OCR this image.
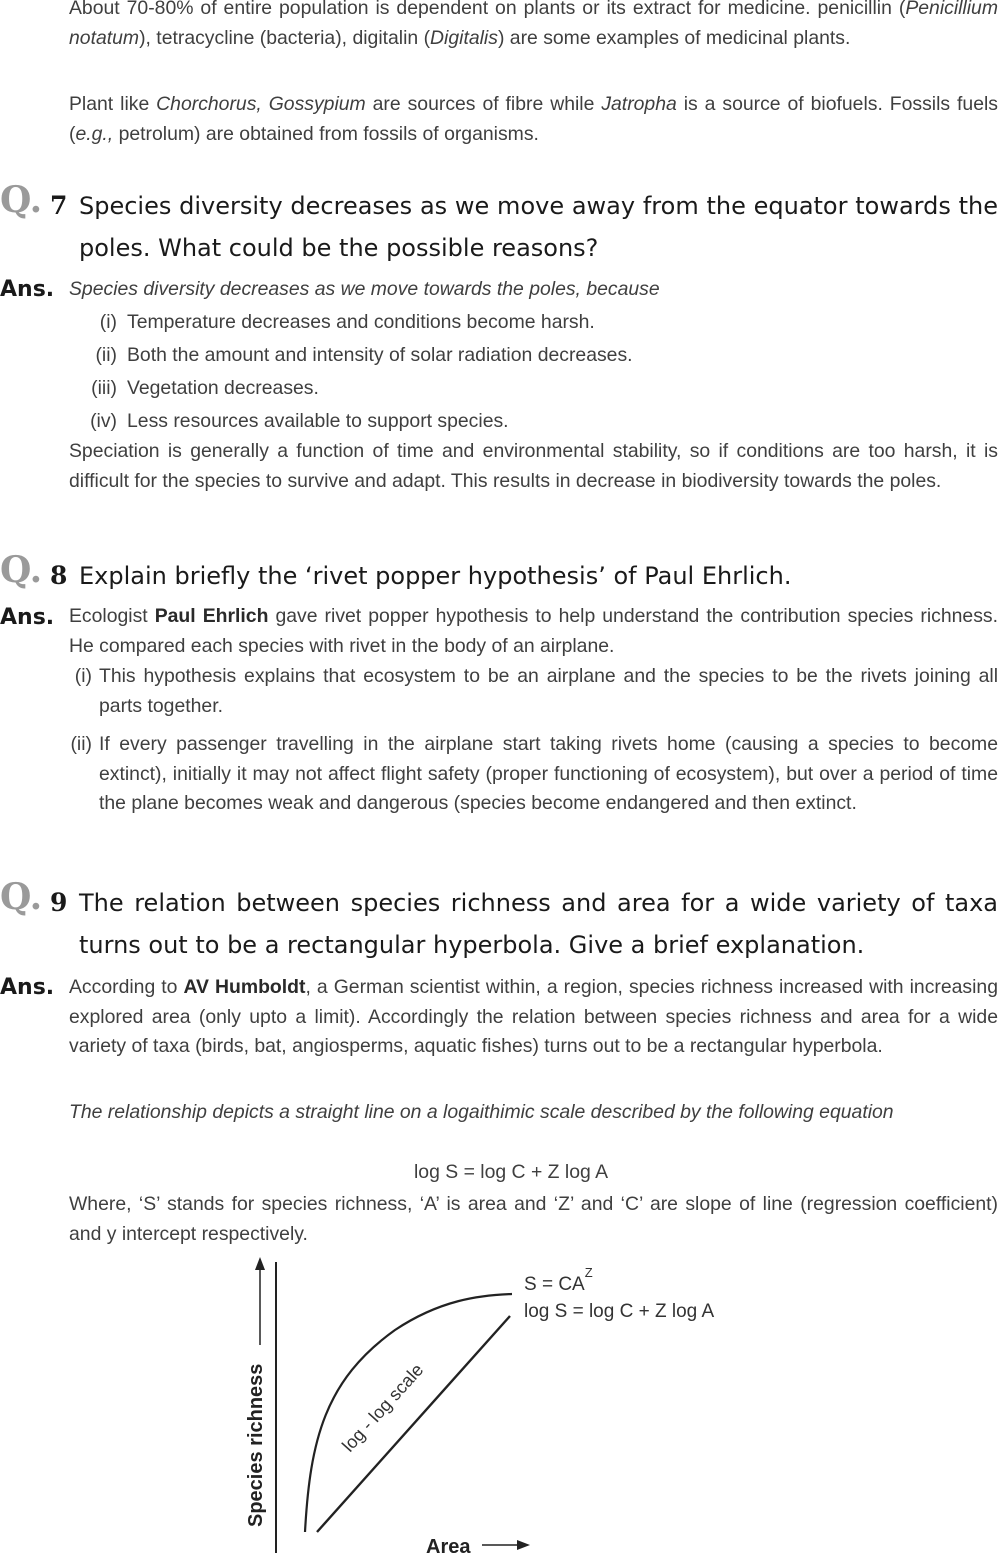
About 70-80% of entire population is dependent on plants or its extract for medicine. penicillin (Penicillium notatum), tetracycline (bacteria), digitalin (Digitalis) are some examples of medicinal plants.

Plant like Chorchorus, Gossypium are sources of fibre while Jatropha is a source of biofuels. Fossils fuels (e.g., petrolum) are obtained from fossils of organisms.

Q. 7 Species diversity decreases as we move away from the equator towards the poles. What could be the possible reasons?
Ans. Species diversity decreases as we move towards the poles, because

(i) Temperature decreases and conditions become harsh.
(ii) Both the amount and intensity of solar radiation decreases.
(iii) Vegetation decreases.
(iv) Less resources available to support species.

Speciation is generally a function of time and environmental stability, so if conditions are too harsh, it is difficult for the species to survive and adapt. This results in decrease in biodiversity towards the poles.

Q. 8 Explain briefly the ‘rivet popper hypothesis’ of Paul Ehrlich.
Ans. Ecologist Paul Ehrlich gave rivet popper hypothesis to help understand the contribution species richness. He compared each species with rivet in the body of an airplane.

(i) This hypothesis explains that ecosystem to be an airplane and the species to be the rivets joining all parts together.
(ii) If every passenger travelling in the airplane start taking rivets home (causing a species to become extinct), initially it may not affect flight safety (proper functioning of ecosystem), but over a period of time the plane becomes weak and dangerous (species become endangered and then extinct.
Q. 9 The relation between species richness and area for a wide variety of taxa turns out to be a rectangular hyperbola. Give a brief explanation.
Ans. According to AV Humboldt, a German scientist within, a region, species richness increased with increasing explored area (only upto a limit). Accordingly the relation between species richness and area for a wide variety of taxa (birds, bat, angiosperms, aquatic fishes) turns out to be a rectangular hyperbola.

The relationship depicts a straight line on a logaithimic scale described by the following equation

log S = log C + Z log A

Where, ‘S’ stands for species richness, ‘A’ is area and ‘Z’ and ‘C’ are slope of line (regression coefficient) and y intercept respectively.

Species richness
Area
$S = CA^Z$
log S = log C + Z log A
log - log scale
